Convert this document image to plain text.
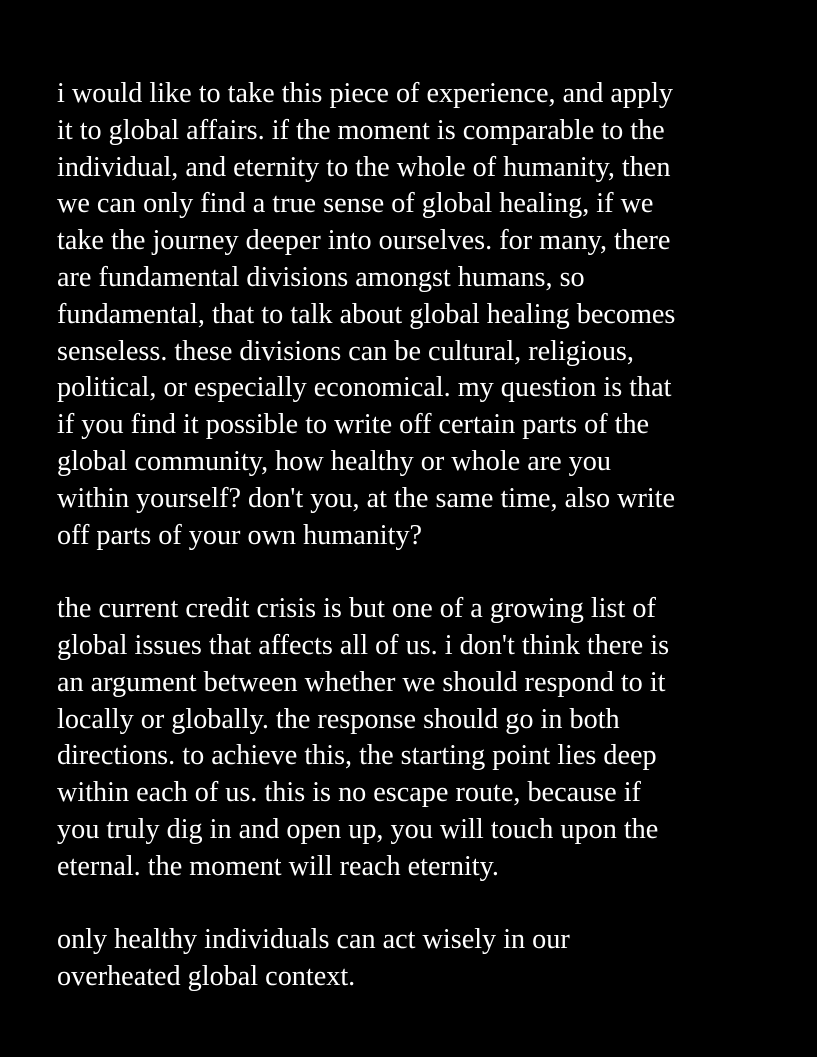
i would like to take this piece of experience, and apply
it to global affairs. if the moment is comparable to the
individual, and eternity to the whole of humanity, then
we can only find a true sense of global healing, if we
take the journey deeper into ourselves. for many, there
are fundamental divisions amongst humans, so
fundamental, that to talk about global healing becomes
senseless. these divisions can be cultural, religious,
political, or especially economical. my question is that
if you find it possible to write off certain parts of the
global community, how healthy or whole are you
within yourself? don't you, at the same time, also write
off parts of your own humanity?

the current credit crisis is but one of a growing list of
global issues that affects all of us. i don't think there is
an argument between whether we should respond to it
locally or globally. the response should go in both
directions. to achieve this, the starting point lies deep
within each of us. this is no escape route, because if
you truly dig in and open up, you will touch upon the
eternal. the moment will reach eternity.

only healthy individuals can act wisely in our
overheated global context.
